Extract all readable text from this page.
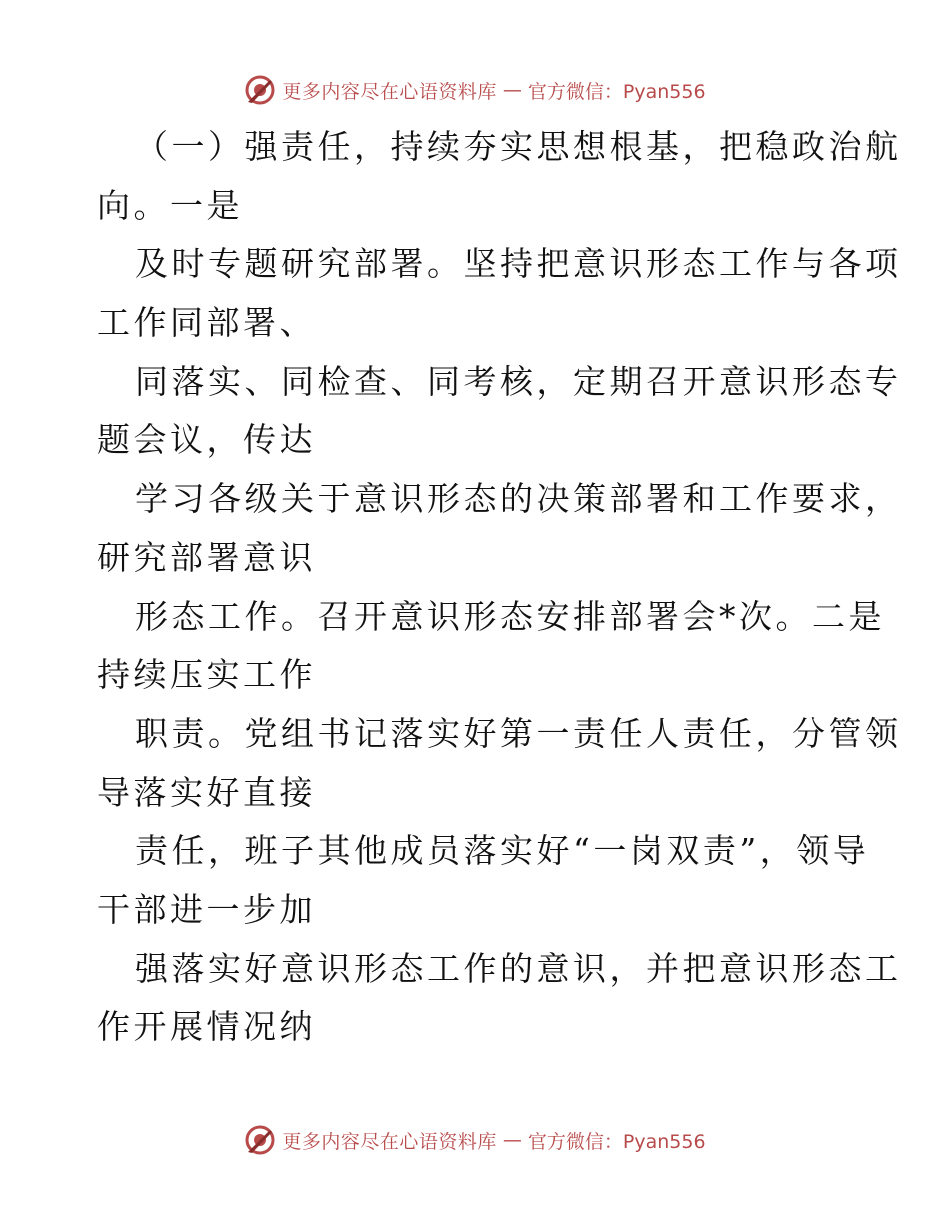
更多内容尽在心语资料库 — 官方微信：Pyan556
（一）强责任，持续夯实思想根基，把稳政治航
向。一是
及时专题研究部署。坚持把意识形态工作与各项
工作同部署、
同落实、同检查、同考核，定期召开意识形态专
题会议，传达
学习各级关于意识形态的决策部署和工作要求，
研究部署意识
形态工作。召开意识形态安排部署会*次。二是
持续压实工作
职责。党组书记落实好第一责任人责任，分管领
导落实好直接
责任，班子其他成员落实好“一岗双责”，领导
干部进一步加
强落实好意识形态工作的意识，并把意识形态工
作开展情况纳
更多内容尽在心语资料库 — 官方微信：Pyan556
